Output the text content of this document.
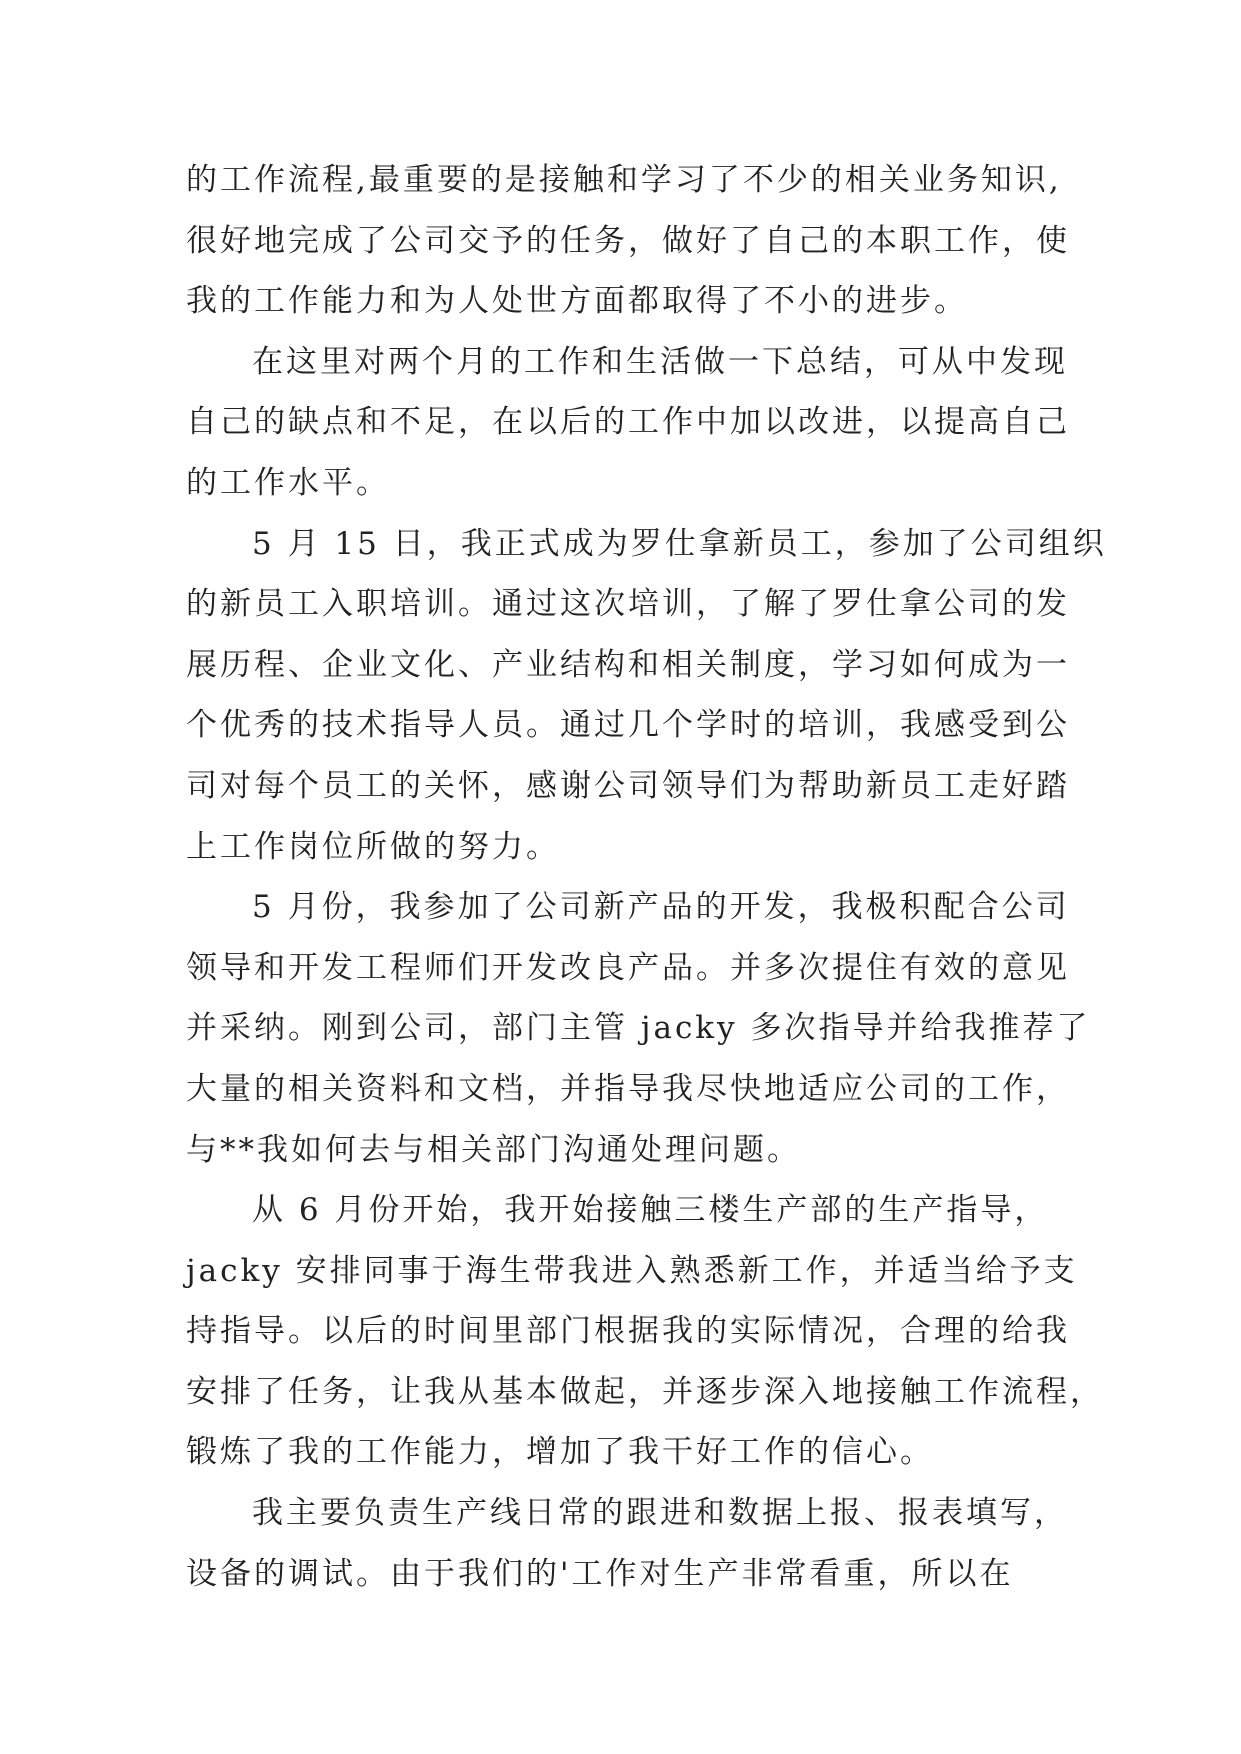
的工作流程,最重要的是接触和学习了不少的相关业务知识,
很好地完成了公司交予的任务，做好了自己的本职工作，使
我的工作能力和为人处世方面都取得了不小的进步。
在这里对两个月的工作和生活做一下总结，可从中发现
自己的缺点和不足，在以后的工作中加以改进，以提高自己
的工作水平。
5 月 15 日，我正式成为罗仕拿新员工，参加了公司组织
的新员工入职培训。通过这次培训，了解了罗仕拿公司的发
展历程、企业文化、产业结构和相关制度，学习如何成为一
个优秀的技术指导人员。通过几个学时的培训，我感受到公
司对每个员工的关怀，感谢公司领导们为帮助新员工走好踏
上工作岗位所做的努力。
5 月份，我参加了公司新产品的开发，我极积配合公司
领导和开发工程师们开发改良产品。并多次提住有效的意见
并采纳。刚到公司，部门主管 jacky 多次指导并给我推荐了
大量的相关资料和文档，并指导我尽快地适应公司的工作，
与**我如何去与相关部门沟通处理问题。
从 6 月份开始，我开始接触三楼生产部的生产指导，
jacky 安排同事于海生带我进入熟悉新工作，并适当给予支
持指导。以后的时间里部门根据我的实际情况，合理的给我
安排了任务，让我从基本做起，并逐步深入地接触工作流程，
锻炼了我的工作能力，增加了我干好工作的信心。
我主要负责生产线日常的跟进和数据上报、报表填写，
设备的调试。由于我们的'工作对生产非常看重，所以在
